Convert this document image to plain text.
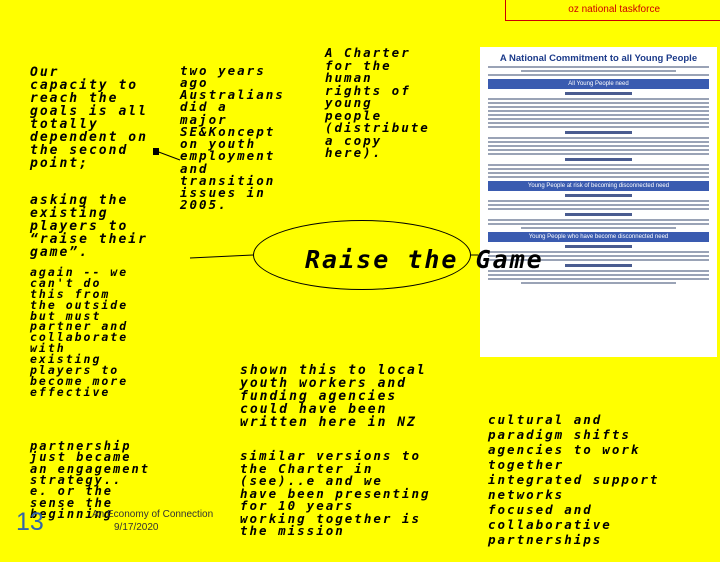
oz national taskforce

Our
capacity to
reach the
goals is all
totally
dependent on
the second
point;

asking the
existing
players to
“raise their
game”.

again -- we
can't do
this from
the outside
but must
partner and
collaborate
with
existing
players to
become more
effective

partnership
just became
an engagement
strategy..
e. or the
sense the
beginning

two years
ago
Australians
did a
major
SE&Koncept
on youth
employment
and
transition
issues in
2005.

A Charter
for the
human
rights of
young
people
(distribute
a copy
here).

A National Commitment to all Young People
All Young People need
Young People at risk of becoming disconnected need
Young People who have become disconnected need
Raise the Game

shown this to local
youth workers and
funding agencies
could have been
written here in NZ

similar versions to
the Charter in
(see)..e and we
have been presenting
for 10 years
working together is
the mission

cultural and
paradigm shifts
agencies to work
together
integrated support
networks
focused and
collaborative
partnerships

13	An Economy of Connection
9/17/2020
